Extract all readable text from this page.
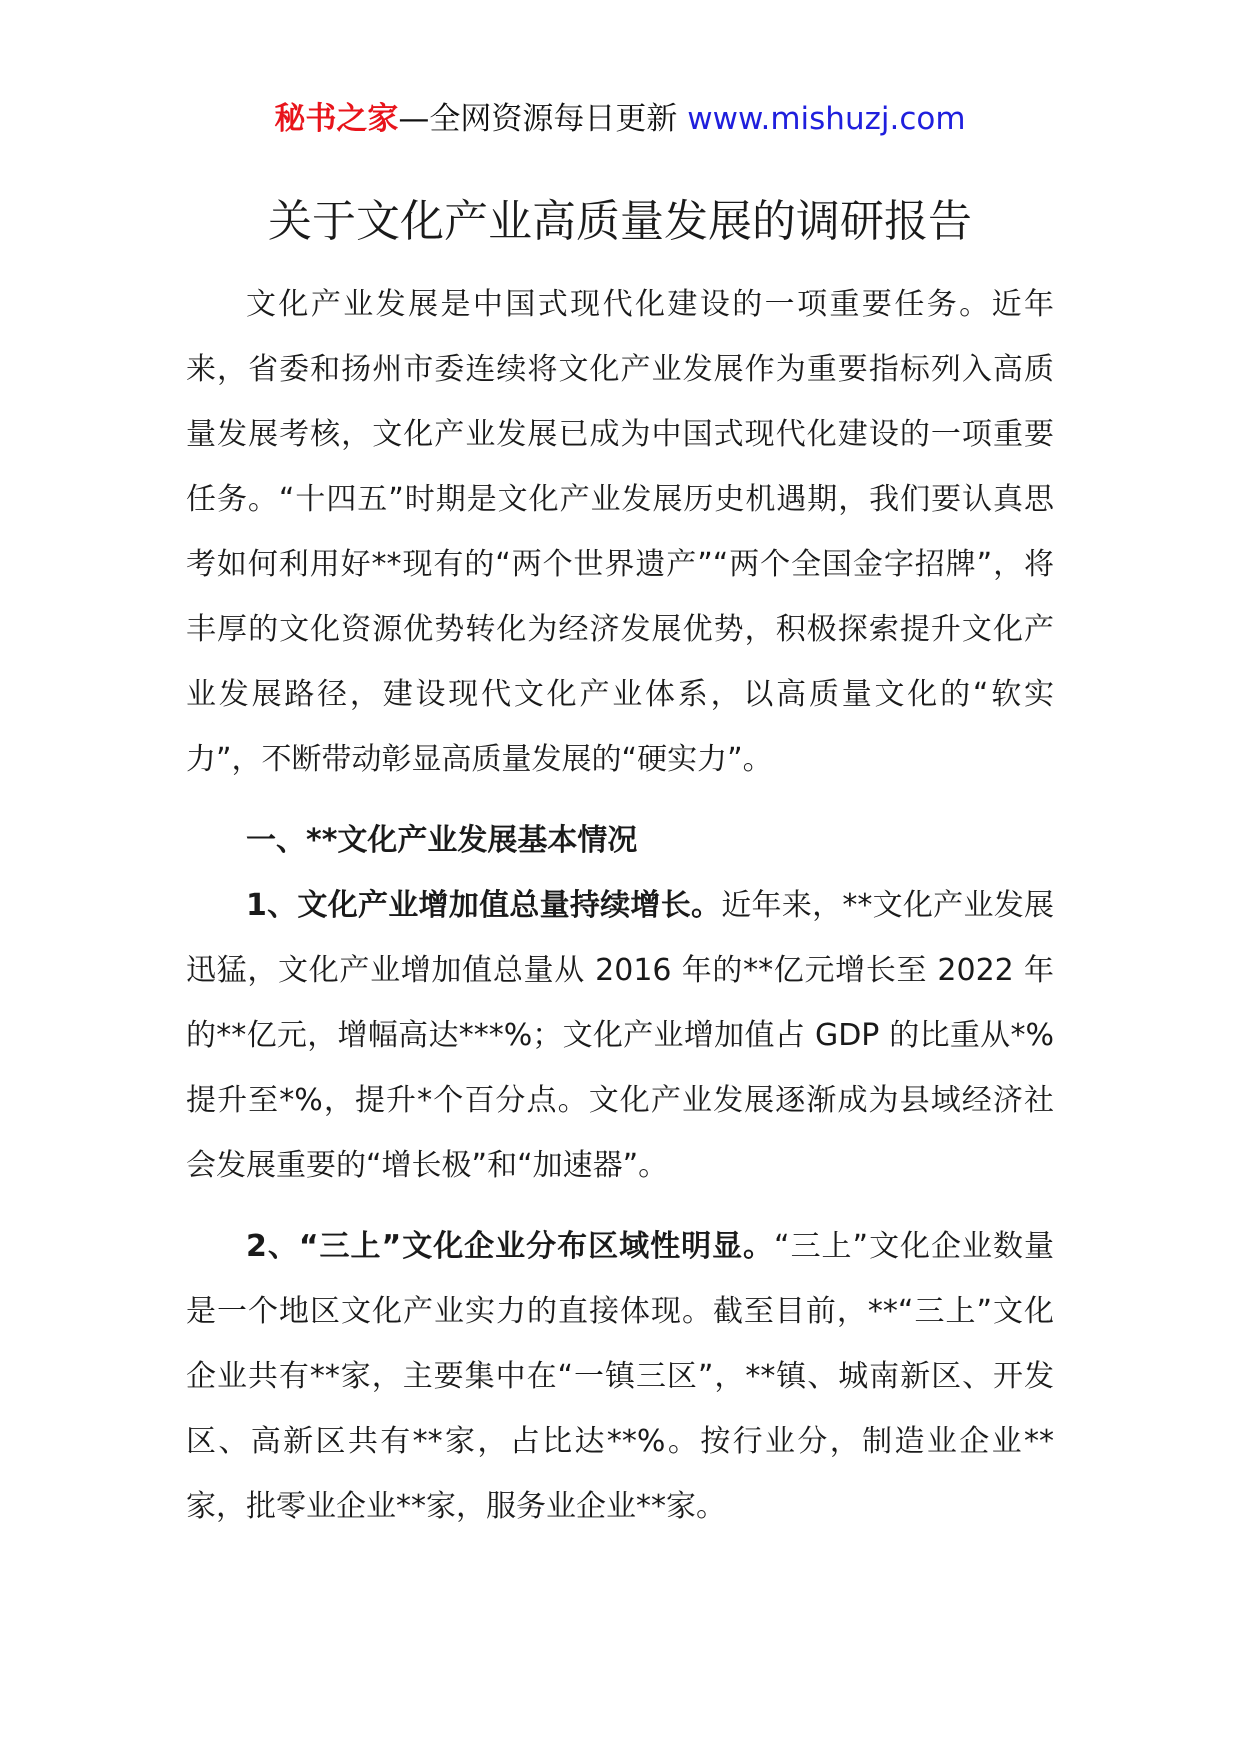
秘书之家—全网资源每日更新 www.mishuzj.com
关于文化产业高质量发展的调研报告

文化产业发展是中国式现代化建设的一项重要任务。近年来，省委和扬州市委连续将文化产业发展作为重要指标列入高质量发展考核，文化产业发展已成为中国式现代化建设的一项重要任务。“十四五”时期是文化产业发展历史机遇期，我们要认真思考如何利用好**现有的“两个世界遗产”“两个全国金字招牌”，将丰厚的文化资源优势转化为经济发展优势，积极探索提升文化产业发展路径，建设现代文化产业体系，以高质量文化的“软实力”，不断带动彰显高质量发展的“硬实力”。

一、**文化产业发展基本情况

1、文化产业增加值总量持续增长。近年来，**文化产业发展迅猛，文化产业增加值总量从 2016 年的**亿元增长至 2022 年的**亿元，增幅高达***%；文化产业增加值占 GDP 的比重从*%提升至*%，提升*个百分点。文化产业发展逐渐成为县域经济社会发展重要的“增长极”和“加速器”。

2、“三上”文化企业分布区域性明显。“三上”文化企业数量是一个地区文化产业实力的直接体现。截至目前，**“三上”文化企业共有**家，主要集中在“一镇三区”，**镇、城南新区、开发区、高新区共有**家，占比达**%。按行业分，制造业企业**家，批零业企业**家，服务业企业**家。
